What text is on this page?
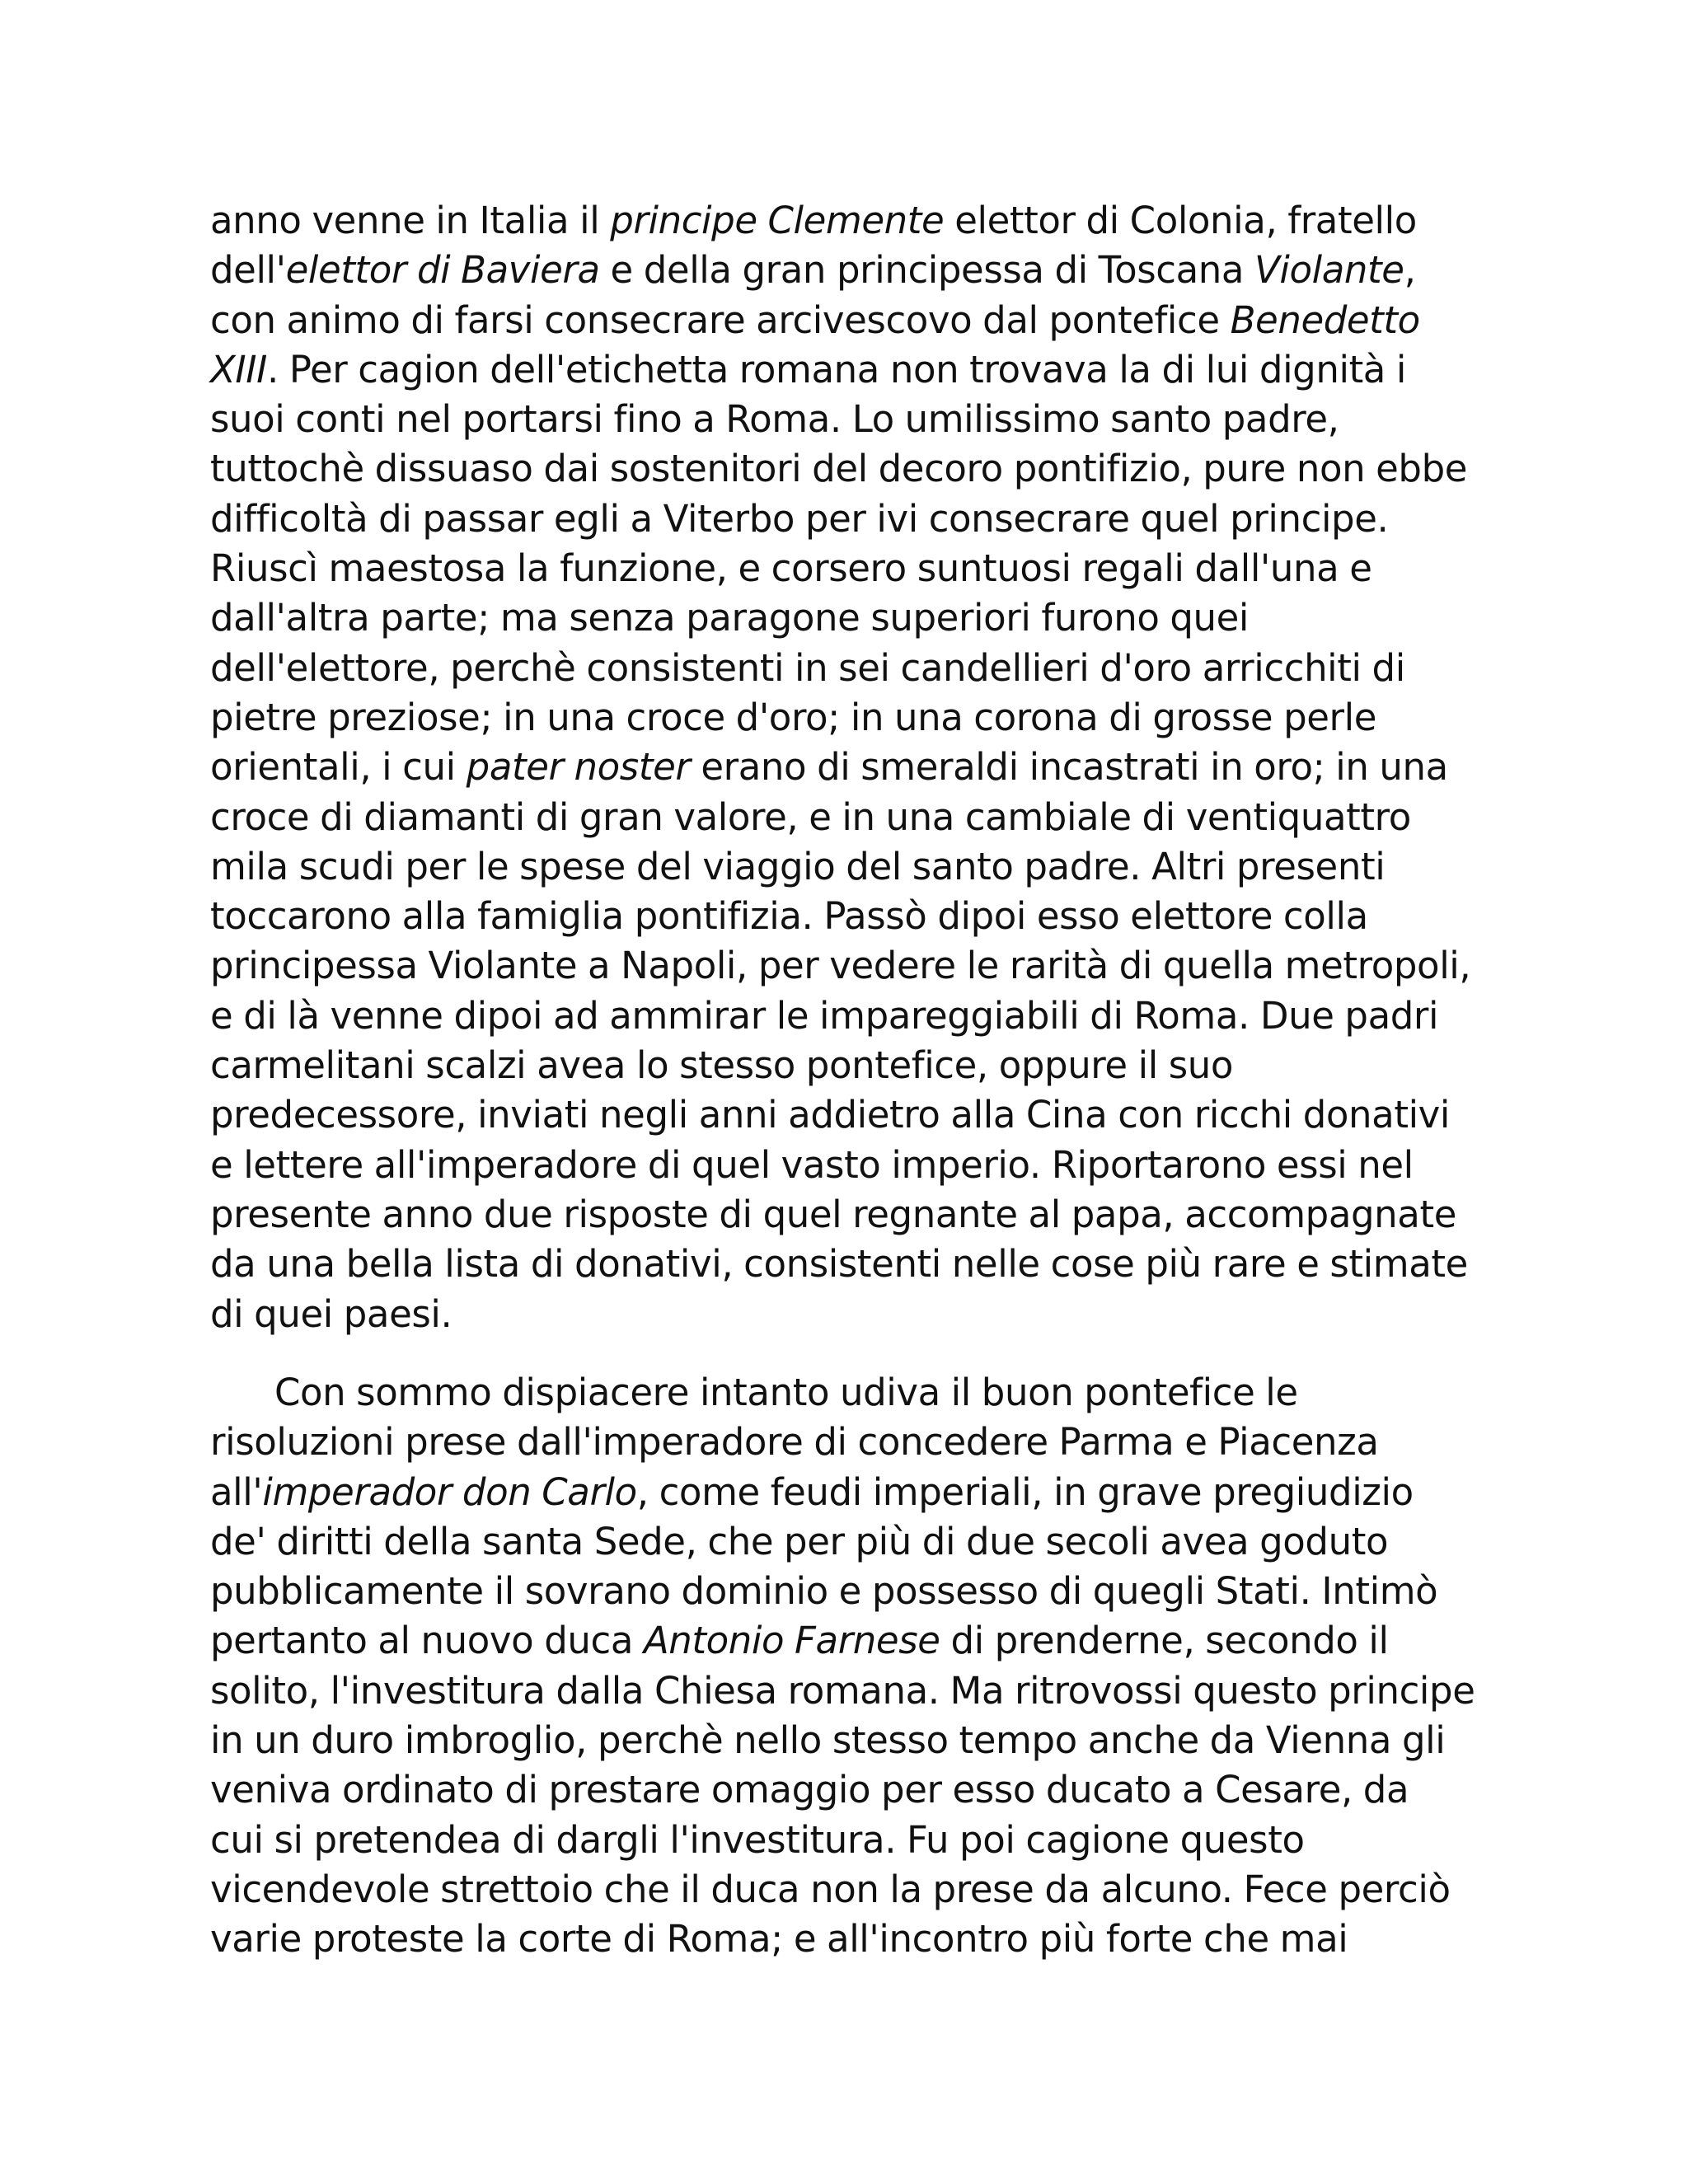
anno venne in Italia il principe Clemente elettor di Colonia, fratello
dell'elettor di Baviera e della gran principessa di Toscana Violante,
con animo di farsi consecrare arcivescovo dal pontefice Benedetto
XIII. Per cagion dell'etichetta romana non trovava la di lui dignità i
suoi conti nel portarsi fino a Roma. Lo umilissimo santo padre,
tuttochè dissuaso dai sostenitori del decoro pontifizio, pure non ebbe
difficoltà di passar egli a Viterbo per ivi consecrare quel principe.
Riuscì maestosa la funzione, e corsero suntuosi regali dall'una e
dall'altra parte; ma senza paragone superiori furono quei
dell'elettore, perchè consistenti in sei candellieri d'oro arricchiti di
pietre preziose; in una croce d'oro; in una corona di grosse perle
orientali, i cui pater noster erano di smeraldi incastrati in oro; in una
croce di diamanti di gran valore, e in una cambiale di ventiquattro
mila scudi per le spese del viaggio del santo padre. Altri presenti
toccarono alla famiglia pontifizia. Passò dipoi esso elettore colla
principessa Violante a Napoli, per vedere le rarità di quella metropoli,
e di là venne dipoi ad ammirar le impareggiabili di Roma. Due padri
carmelitani scalzi avea lo stesso pontefice, oppure il suo
predecessore, inviati negli anni addietro alla Cina con ricchi donativi
e lettere all'imperadore di quel vasto imperio. Riportarono essi nel
presente anno due risposte di quel regnante al papa, accompagnate
da una bella lista di donativi, consistenti nelle cose più rare e stimate
di quei paesi.
Con sommo dispiacere intanto udiva il buon pontefice le
risoluzioni prese dall'imperadore di concedere Parma e Piacenza
all'imperador don Carlo, come feudi imperiali, in grave pregiudizio
de' diritti della santa Sede, che per più di due secoli avea goduto
pubblicamente il sovrano dominio e possesso di quegli Stati. Intimò
pertanto al nuovo duca Antonio Farnese di prenderne, secondo il
solito, l'investitura dalla Chiesa romana. Ma ritrovossi questo principe
in un duro imbroglio, perchè nello stesso tempo anche da Vienna gli
veniva ordinato di prestare omaggio per esso ducato a Cesare, da
cui si pretendea di dargli l'investitura. Fu poi cagione questo
vicendevole strettoio che il duca non la prese da alcuno. Fece perciò
varie proteste la corte di Roma; e all'incontro più forte che mai
